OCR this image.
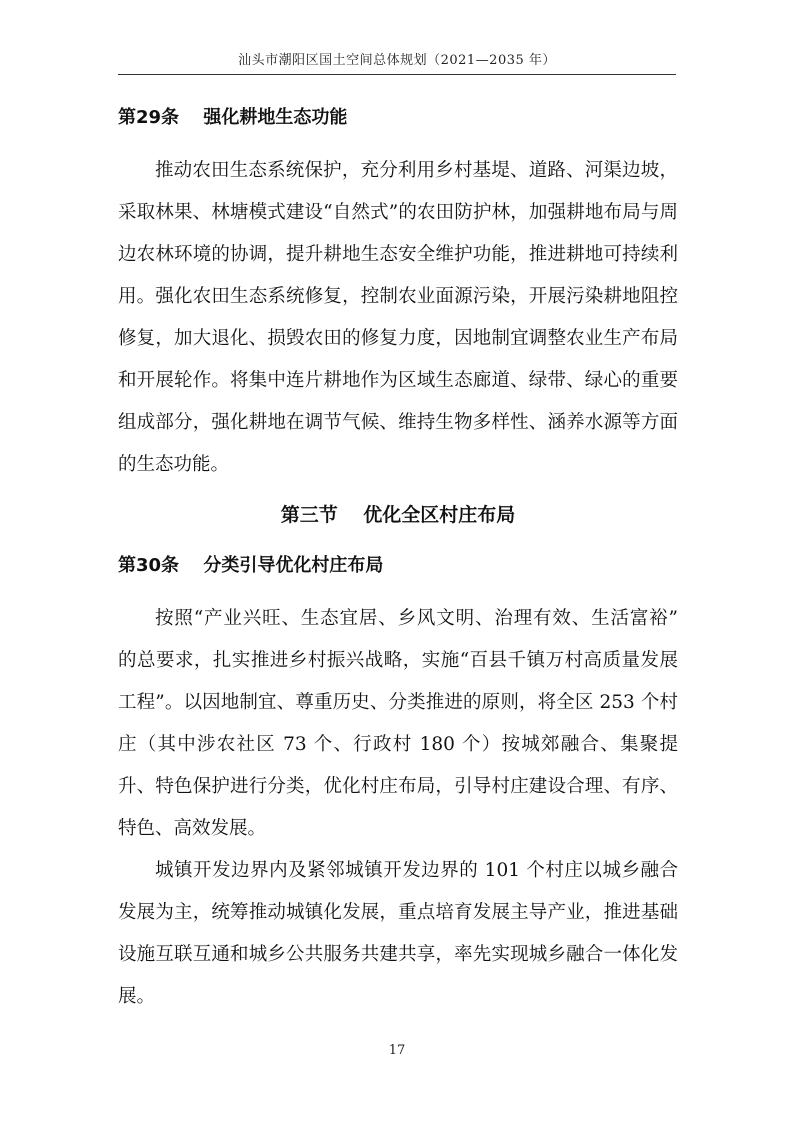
汕头市潮阳区国土空间总体规划（2021—2035 年）
第29条　 强化耕地生态功能

推动农田生态系统保护，充分利用乡村基堤、道路、河渠边坡，采取林果、林塘模式建设“自然式”的农田防护林，加强耕地布局与周边农林环境的协调，提升耕地生态安全维护功能，推进耕地可持续利用。强化农田生态系统修复，控制农业面源污染，开展污染耕地阻控修复，加大退化、损毁农田的修复力度，因地制宜调整农业生产布局和开展轮作。将集中连片耕地作为区域生态廊道、绿带、绿心的重要组成部分，强化耕地在调节气候、维持生物多样性、涵养水源等方面的生态功能。

第三节　 优化全区村庄布局
第30条　 分类引导优化村庄布局

按照“产业兴旺、生态宜居、乡风文明、治理有效、生活富裕” 的总要求，扎实推进乡村振兴战略，实施“百县千镇万村高质量发展工程”。以因地制宜、尊重历史、分类推进的原则，将全区 253 个村庄（其中涉农社区 73 个、行政村 180 个）按城郊融合、集聚提升、特色保护进行分类，优化村庄布局，引导村庄建设合理、有序、特色、高效发展。

城镇开发边界内及紧邻城镇开发边界的 101 个村庄以城乡融合发展为主，统筹推动城镇化发展，重点培育发展主导产业，推进基础设施互联互通和城乡公共服务共建共享，率先实现城乡融合一体化发展。

17
